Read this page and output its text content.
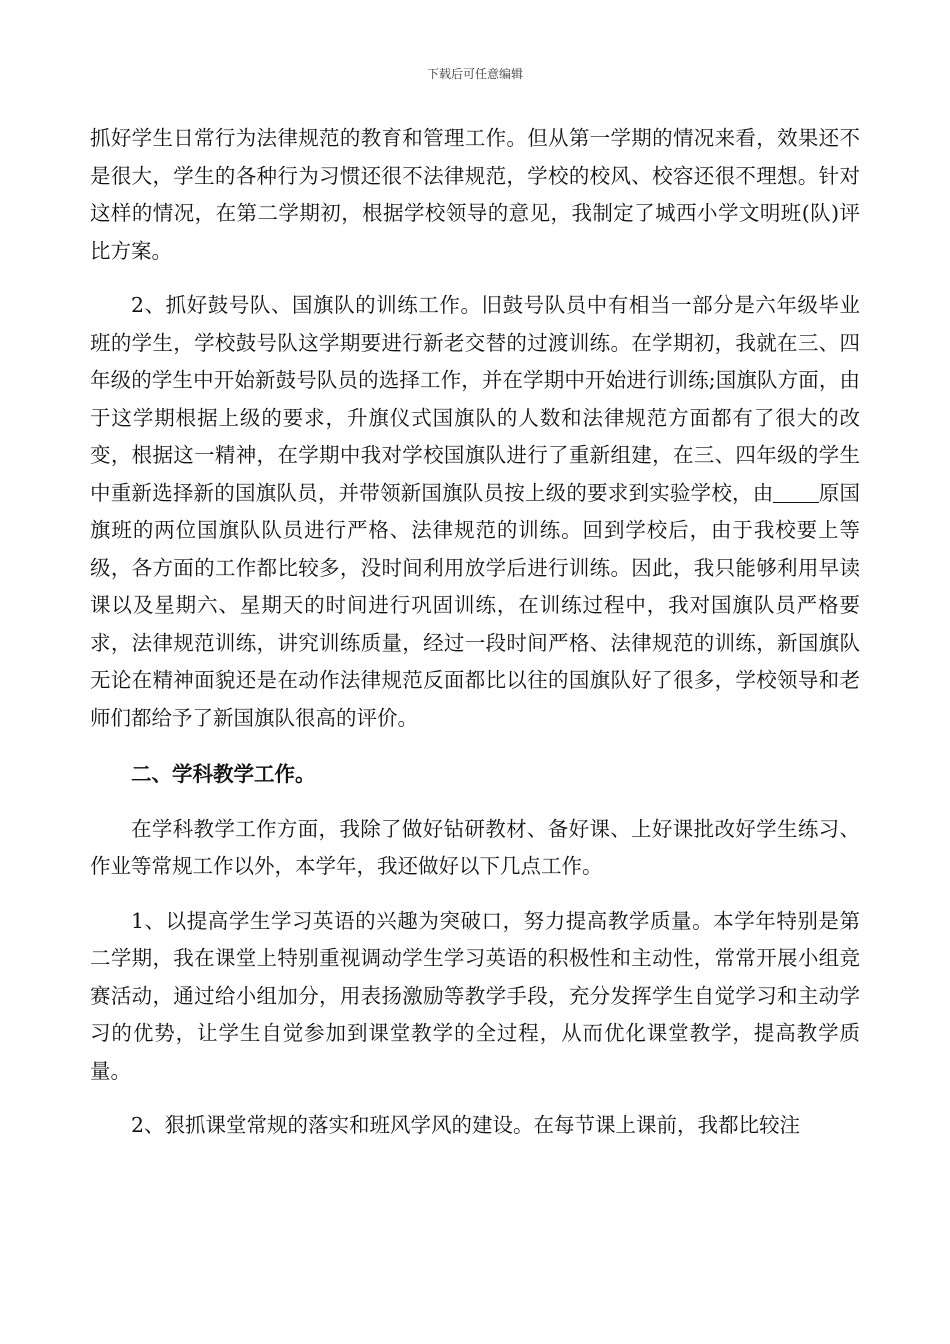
下载后可任意编辑

抓好学生日常行为法律规范的教育和管理工作。但从第一学期的情况来看，效果还不是很大，学生的各种行为习惯还很不法律规范，学校的校风、校容还很不理想。针对这样的情况，在第二学期初，根据学校领导的意见，我制定了城西小学文明班(队)评比方案。

2、抓好鼓号队、国旗队的训练工作。旧鼓号队员中有相当一部分是六年级毕业班的学生，学校鼓号队这学期要进行新老交替的过渡训练。在学期初，我就在三、四年级的学生中开始新鼓号队员的选择工作，并在学期中开始进行训练;国旗队方面，由于这学期根据上级的要求，升旗仪式国旗队的人数和法律规范方面都有了很大的改变，根据这一精神，在学期中我对学校国旗队进行了重新组建，在三、四年级的学生中重新选择新的国旗队员，并带领新国旗队员按上级的要求到实验学校，由 原国旗班的两位国旗队队员进行严格、法律规范的训练。回到学校后，由于我校要上等级，各方面的工作都比较多，没时间利用放学后进行训练。因此，我只能够利用早读课以及星期六、星期天的时间进行巩固训练，在训练过程中，我对国旗队员严格要求，法律规范训练，讲究训练质量，经过一段时间严格、法律规范的训练，新国旗队无论在精神面貌还是在动作法律规范反面都比以往的国旗队好了很多，学校领导和老师们都给予了新国旗队很高的评价。

二、学科教学工作。

在学科教学工作方面，我除了做好钻研教材、备好课、上好课批改好学生练习、作业等常规工作以外，本学年，我还做好以下几点工作。

1、以提高学生学习英语的兴趣为突破口，努力提高教学质量。本学年特别是第二学期，我在课堂上特别重视调动学生学习英语的积极性和主动性，常常开展小组竞赛活动，通过给小组加分，用表扬激励等教学手段，充分发挥学生自觉学习和主动学习的优势，让学生自觉参加到课堂教学的全过程，从而优化课堂教学，提高教学质量。

2、狠抓课堂常规的落实和班风学风的建设。在每节课上课前，我都比较注
